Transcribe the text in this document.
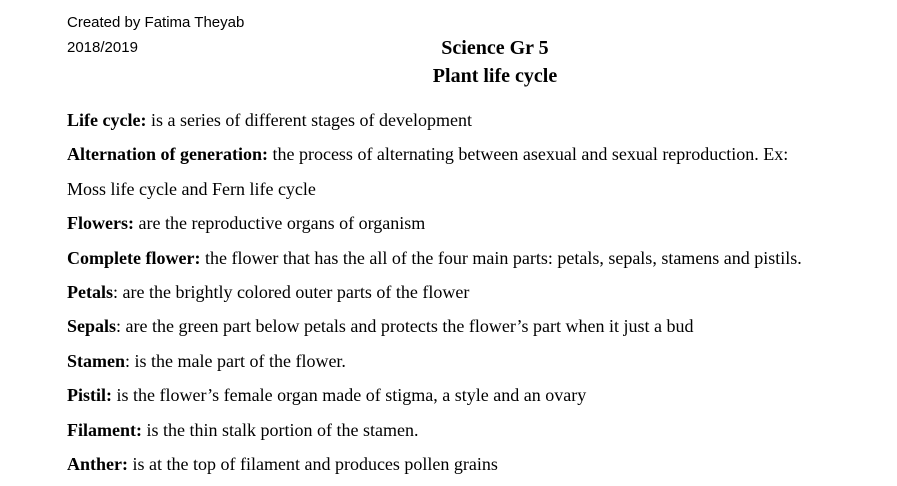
Created by Fatima Theyab
2018/2019	Science Gr 5
Plant life cycle
Life cycle: is a series of different stages of development
Alternation of generation: the process of alternating between asexual and sexual reproduction. Ex:
Moss life cycle and Fern life cycle
Flowers: are the reproductive organs of organism
Complete flower: the flower that has the all of the four main parts: petals, sepals, stamens and pistils.
Petals: are the brightly colored outer parts of the flower
Sepals: are the green part below petals and protects the flower’s part when it just a bud
Stamen: is the male part of the flower.
Pistil: is the flower’s female organ made of stigma, a style and an ovary
Filament: is the thin stalk portion of the stamen.
Anther: is at the top of filament and produces pollen grains
